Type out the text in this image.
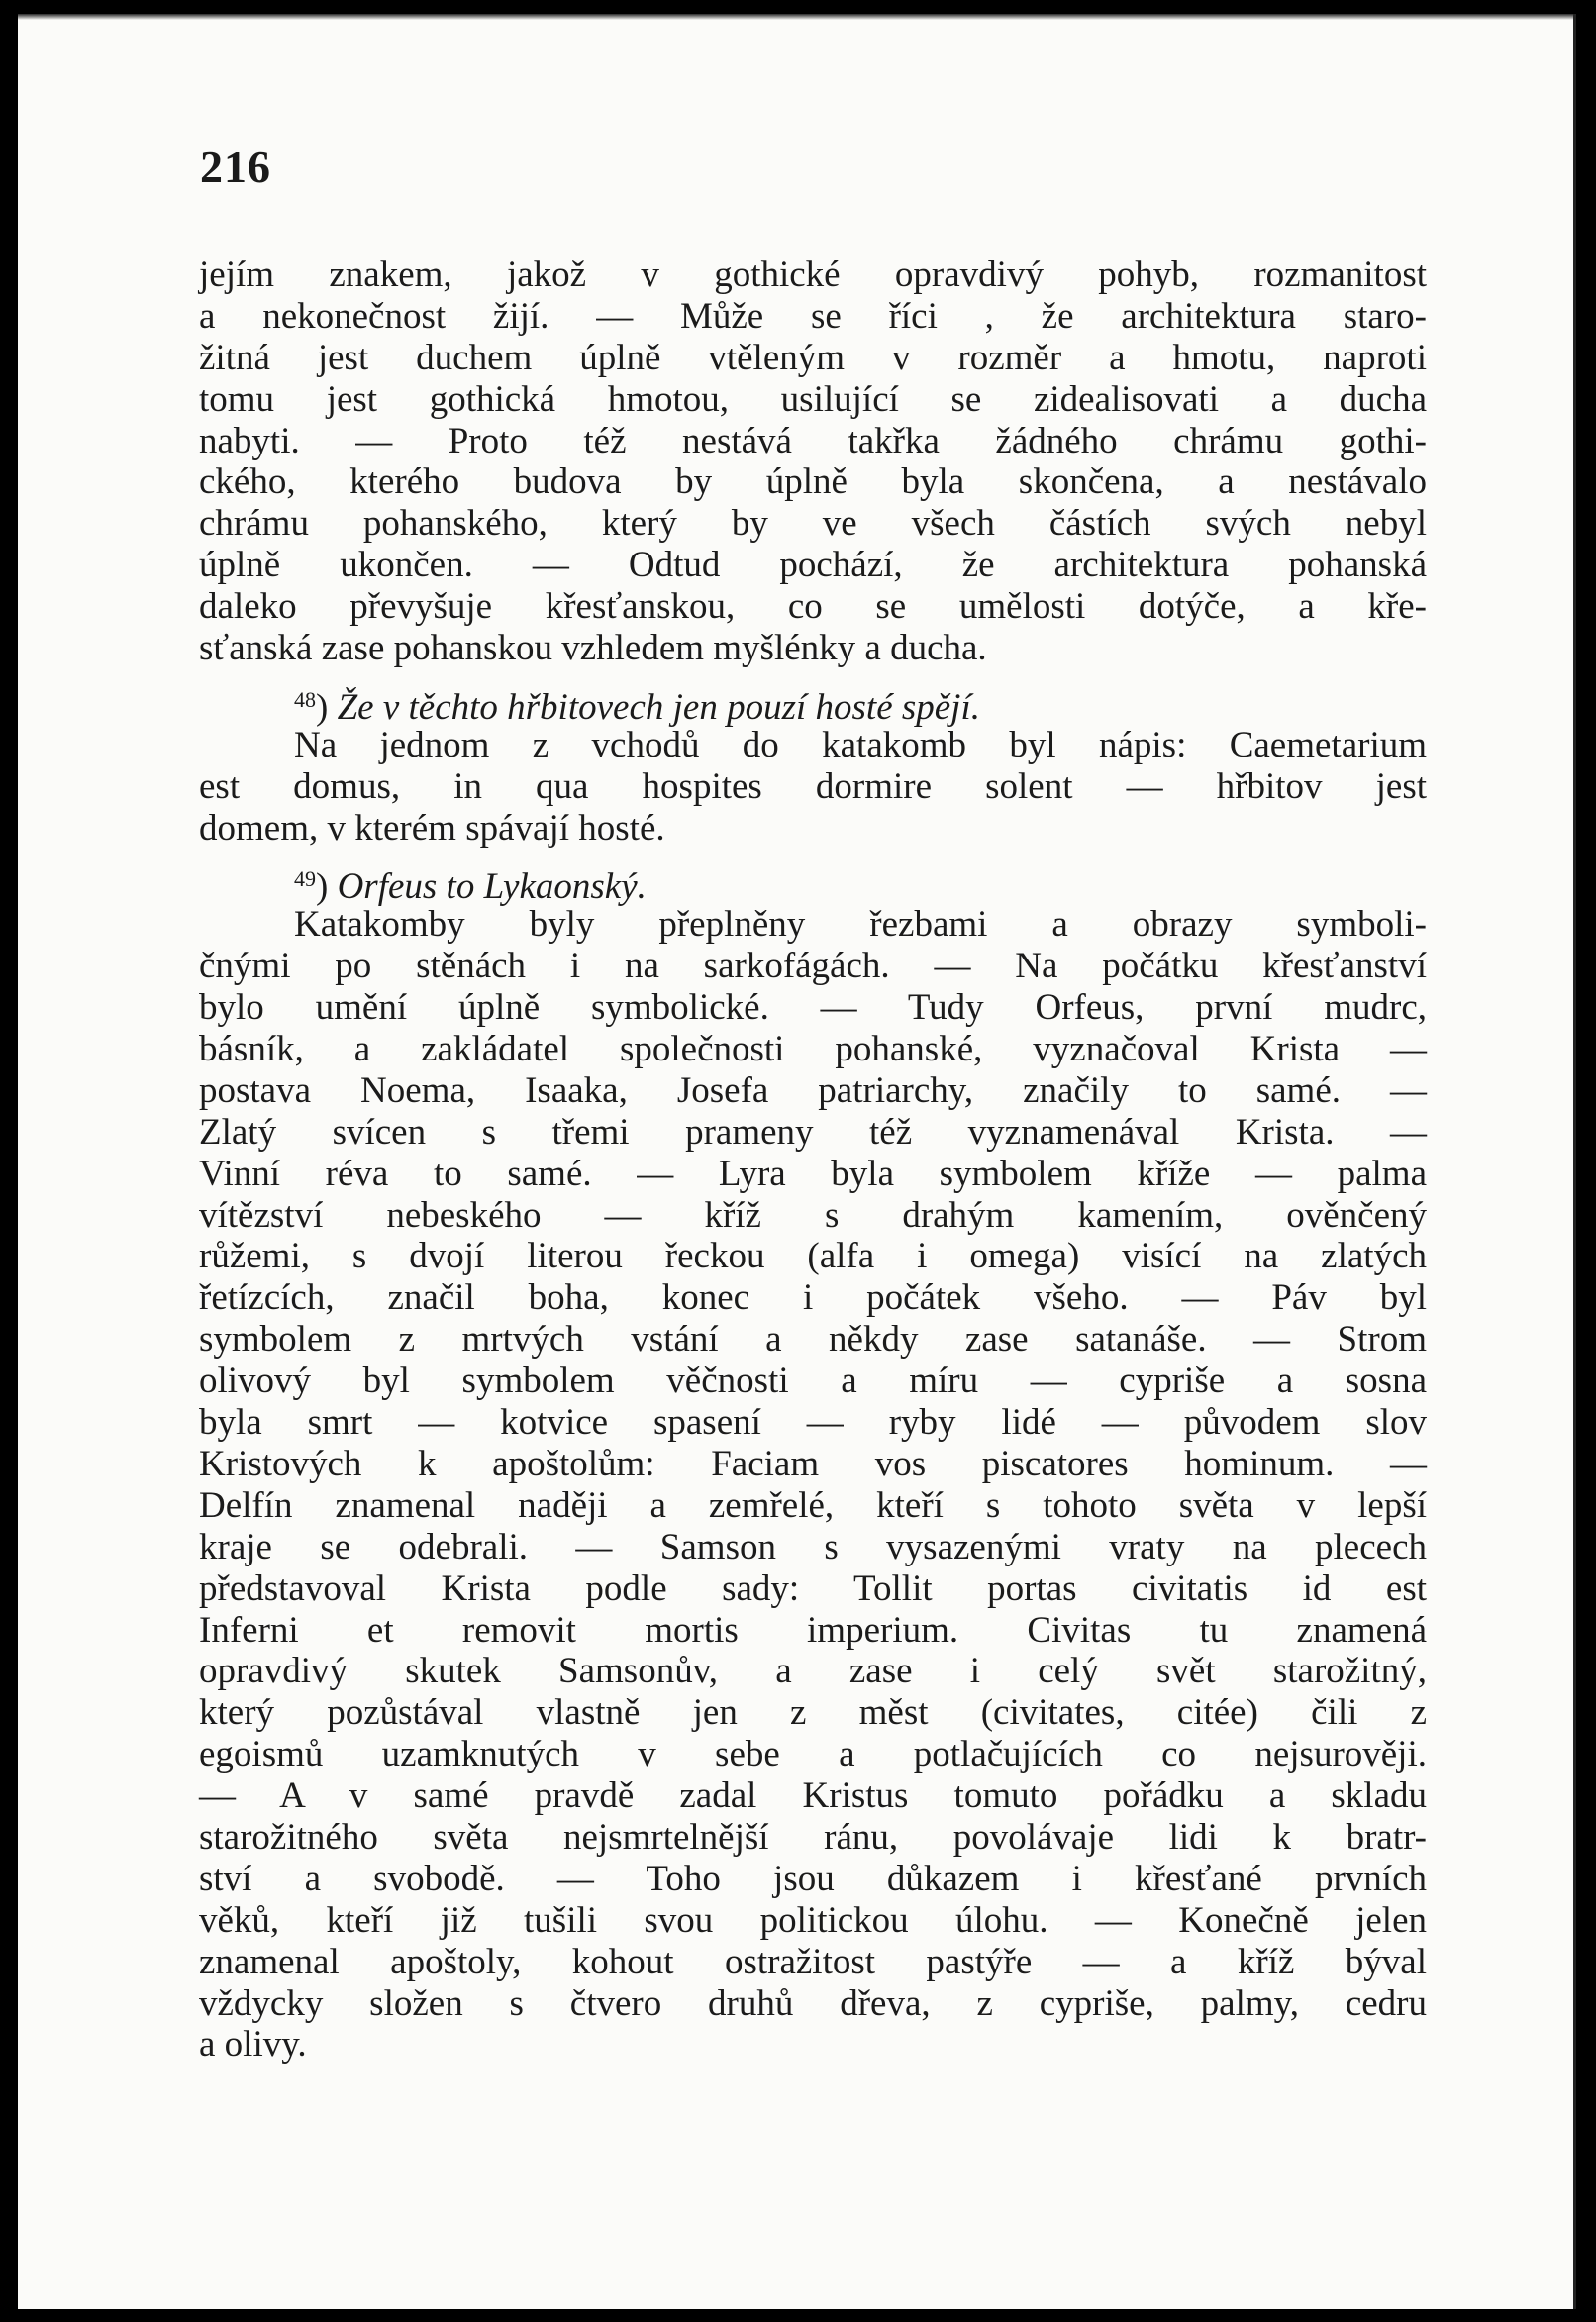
216
jejím znakem, jakož v gothické opravdivý pohyb, rozmanitost
a nekonečnost žijí. — Může se říci , že architektura staro-
žitná jest duchem úplně vtěleným v rozměr a hmotu, naproti
tomu jest gothická hmotou, usilující se zidealisovati a ducha
nabyti. — Proto též nestává takřka žádného chrámu gothi-
ckého, kterého budova by úplně byla skončena, a nestávalo
chrámu pohanského, který by ve všech částích svých nebyl
úplně ukončen. — Odtud pochází, že architektura pohanská
daleko převyšuje křesťanskou, co se umělosti dotýče, a kře-
sťanská zase pohanskou vzhledem myšlénky a ducha.
$^{48}$) Že v těchto hřbitovech jen pouzí hosté spějí.
Na jednom z vchodů do katakomb byl nápis: Caemetarium
est domus, in qua hospites dormire solent — hřbitov jest
domem, v kterém spávají hosté.
$^{49}$) Orfeus to Lykaonský.
Katakomby byly přeplněny řezbami a obrazy symboli-
čnými po stěnách i na sarkofágách. — Na počátku křesťanství
bylo umění úplně symbolické. — Tudy Orfeus, první mudrc,
básník, a zakládatel společnosti pohanské, vyznačoval Krista —
postava Noema, Isaaka, Josefa patriarchy, značily to samé. —
Zlatý svícen s třemi prameny též vyznamenával Krista. —
Vinní réva to samé. — Lyra byla symbolem kříže — palma
vítězství nebeského — kříž s drahým kamením, ověnčený
růžemi, s dvojí literou řeckou (alfa i omega) visící na zlatých
řetízcích, značil boha, konec i počátek všeho. — Páv byl
symbolem z mrtvých vstání a někdy zase satanáše. — Strom
olivový byl symbolem věčnosti a míru — cypriše a sosna
byla smrt — kotvice spasení — ryby lidé — původem slov
Kristových k apoštolům: Faciam vos piscatores hominum. —
Delfín znamenal naději a zemřelé, kteří s tohoto světa v lepší
kraje se odebrali. — Samson s vysazenými vraty na plecech
představoval Krista podle sady: Tollit portas civitatis id est
Inferni et removit mortis imperium. Civitas tu znamená
opravdivý skutek Samsonův, a zase i celý svět starožitný,
který pozůstával vlastně jen z měst (civitates, citée) čili z
egoismů uzamknutých v sebe a potlačujících co nejsurověji.
— A v samé pravdě zadal Kristus tomuto pořádku a skladu
starožitného světa nejsmrtelnější ránu, povolávaje lidi k bratr-
ství a svobodě. — Toho jsou důkazem i křesťané prvních
věků, kteří již tušili svou politickou úlohu. — Konečně jelen
znamenal apoštoly, kohout ostražitost pastýře — a kříž býval
vždycky složen s čtvero druhů dřeva, z cypriše, palmy, cedru
a olivy.
